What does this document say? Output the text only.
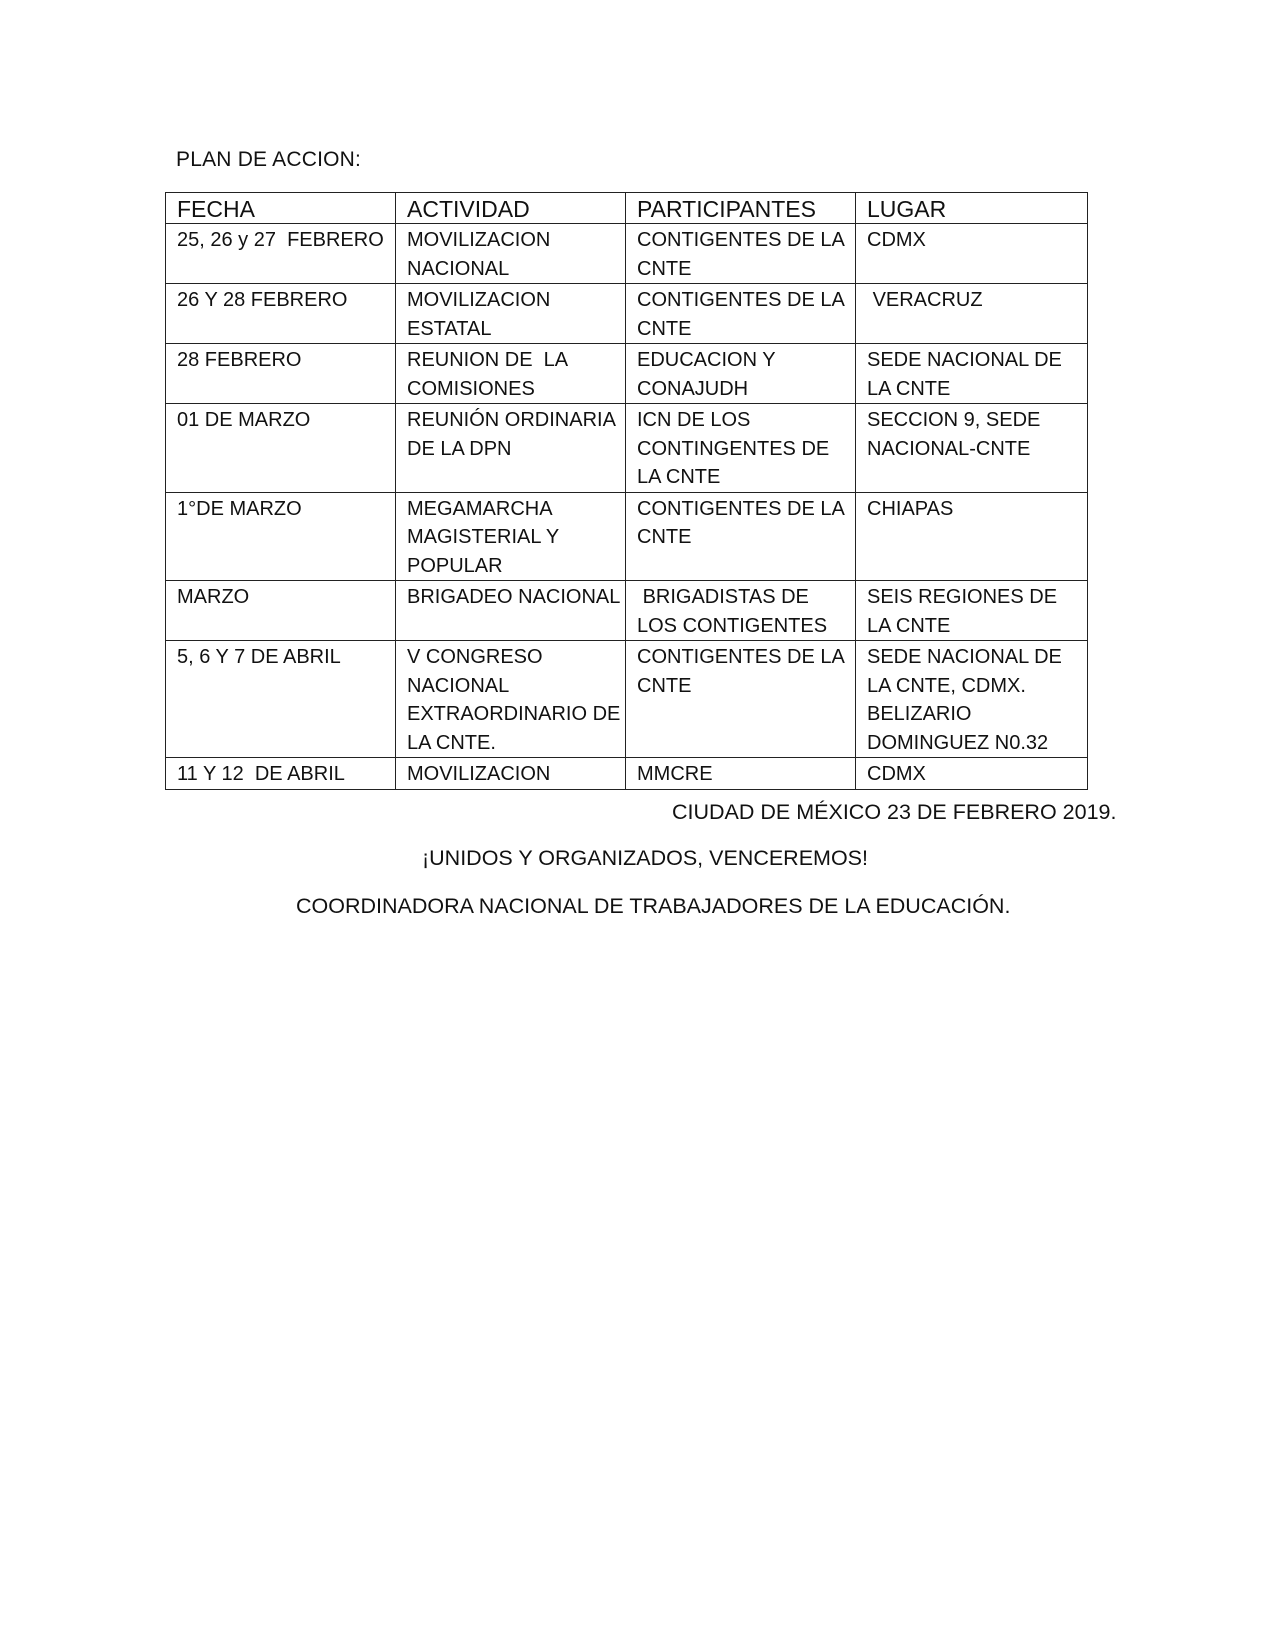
PLAN DE ACCION:
FECHA	ACTIVIDAD	PARTICIPANTES	LUGAR
25, 26 y 27  FEBRERO	MOVILIZACION NACIONAL	CONTIGENTES DE LA CNTE	CDMX
26 Y 28 FEBRERO	MOVILIZACION ESTATAL	CONTIGENTES DE LA CNTE	VERACRUZ
28 FEBRERO	REUNION DE  LA COMISIONES	EDUCACION Y CONAJUDH	SEDE NACIONAL DE LA CNTE
01 DE MARZO	REUNIÓN ORDINARIA DE LA DPN	ICN DE LOS CONTINGENTES DE LA CNTE	SECCION 9, SEDE NACIONAL-CNTE
1°DE MARZO	MEGAMARCHA MAGISTERIAL Y POPULAR	CONTIGENTES DE LA CNTE	CHIAPAS
MARZO	BRIGADEO NACIONAL	BRIGADISTAS DE LOS CONTIGENTES	SEIS REGIONES DE LA CNTE
5, 6 Y 7 DE ABRIL	V CONGRESO NACIONAL EXTRAORDINARIO DE LA CNTE.	CONTIGENTES DE LA CNTE	SEDE NACIONAL DE LA CNTE, CDMX. BELIZARIO DOMINGUEZ N0.32
11 Y 12  DE ABRIL	MOVILIZACION	MMCRE	CDMX
CIUDAD DE MÉXICO 23 DE FEBRERO 2019.
¡UNIDOS Y ORGANIZADOS, VENCEREMOS!
COORDINADORA NACIONAL DE TRABAJADORES DE LA EDUCACIÓN.
